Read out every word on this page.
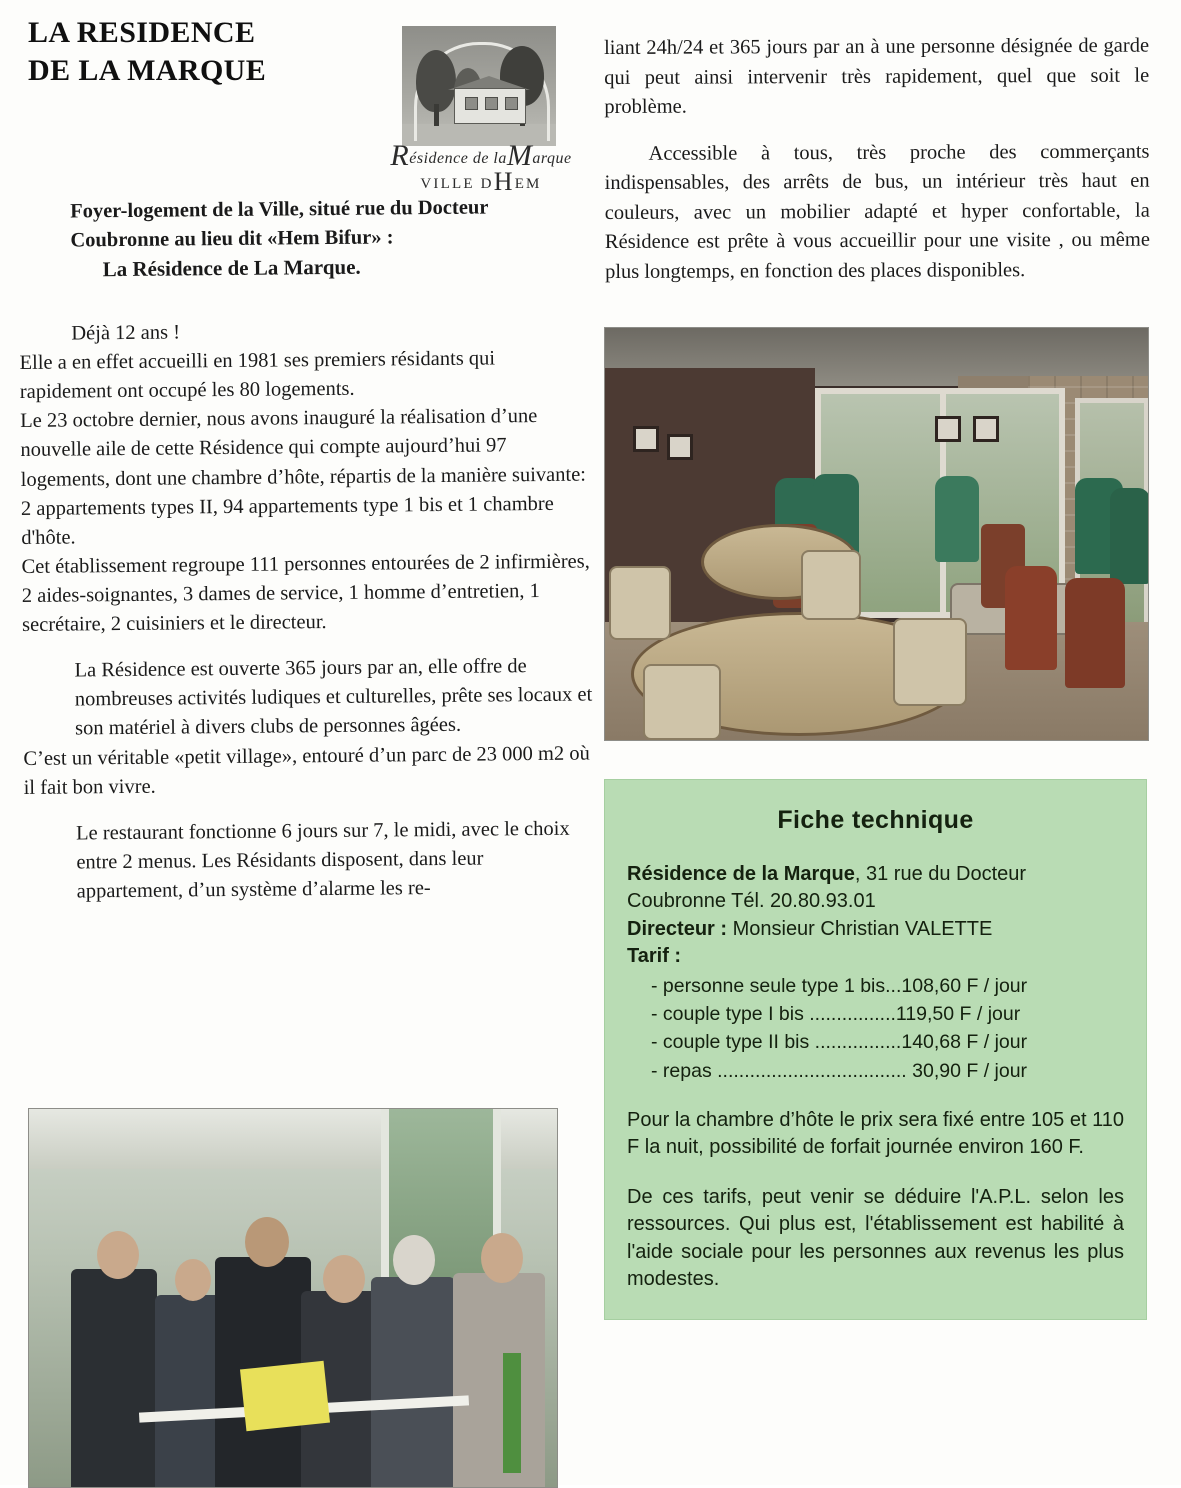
LA RESIDENCE
DE LA MARQUE
Résidence de laMarque
VILLE DHEM

Foyer-logement de la Ville, situé rue du Docteur Coubronne au lieu dit «Hem Bifur» :

La Résidence de La Marque.

Déjà 12 ans !

Elle a en effet accueilli en 1981 ses premiers résidants qui rapidement ont occupé les 80 logements.

Le 23 octobre dernier, nous avons inauguré la réalisation d’une nouvelle aile de cette Résidence qui compte aujourd’hui 97 logements, dont une chambre d’hôte, répartis de la manière suivante:

2 appartements types II, 94 appartements type 1 bis et 1 chambre d'hôte.

Cet établissement regroupe 111 personnes entourées de 2 infirmières, 2 aides-soignantes, 3 dames de service, 1 homme d’entretien, 1 secrétaire, 2 cuisiniers et le directeur.

La Résidence est ouverte 365 jours par an, elle offre de nombreuses activités ludiques et culturelles, prête ses locaux et son matériel à divers clubs de personnes âgées.

C’est un véritable «petit village», entouré d’un parc de 23 000 m2 où il fait bon vivre.

Le restaurant fonctionne 6 jours sur 7, le midi, avec le choix entre 2 menus. Les Résidants disposent, dans leur appartement, d’un système d’alarme les re-

liant 24h/24 et 365 jours par an à une personne désignée de garde qui peut ainsi intervenir très rapidement, quel que soit le problème.

Accessible à tous, très proche des commerçants indispensables, des arrêts de bus, un intérieur très haut en couleurs, avec un mobilier adapté et hyper confortable, la Résidence est prête à vous accueillir pour une visite , ou même plus longtemps, en fonction des places disponibles.

Fiche technique

Résidence de la Marque, 31 rue du Docteur Coubronne Tél. 20.80.93.01

Directeur : Monsieur Christian VALETTE

Tarif :

- personne seule type 1 bis...108,60 F / jour
- couple type I bis ................119,50 F / jour
- couple type II bis ................140,68 F / jour
- repas ................................... 30,90 F / jour

Pour la chambre d’hôte le prix sera fixé entre 105 et 110 F la nuit, possibilité de forfait journée environ 160 F.

De ces tarifs, peut venir se déduire l'A.P.L. selon les ressources. Qui plus est, l'établissement est habilité à l'aide sociale pour les personnes aux revenus les plus modestes.
